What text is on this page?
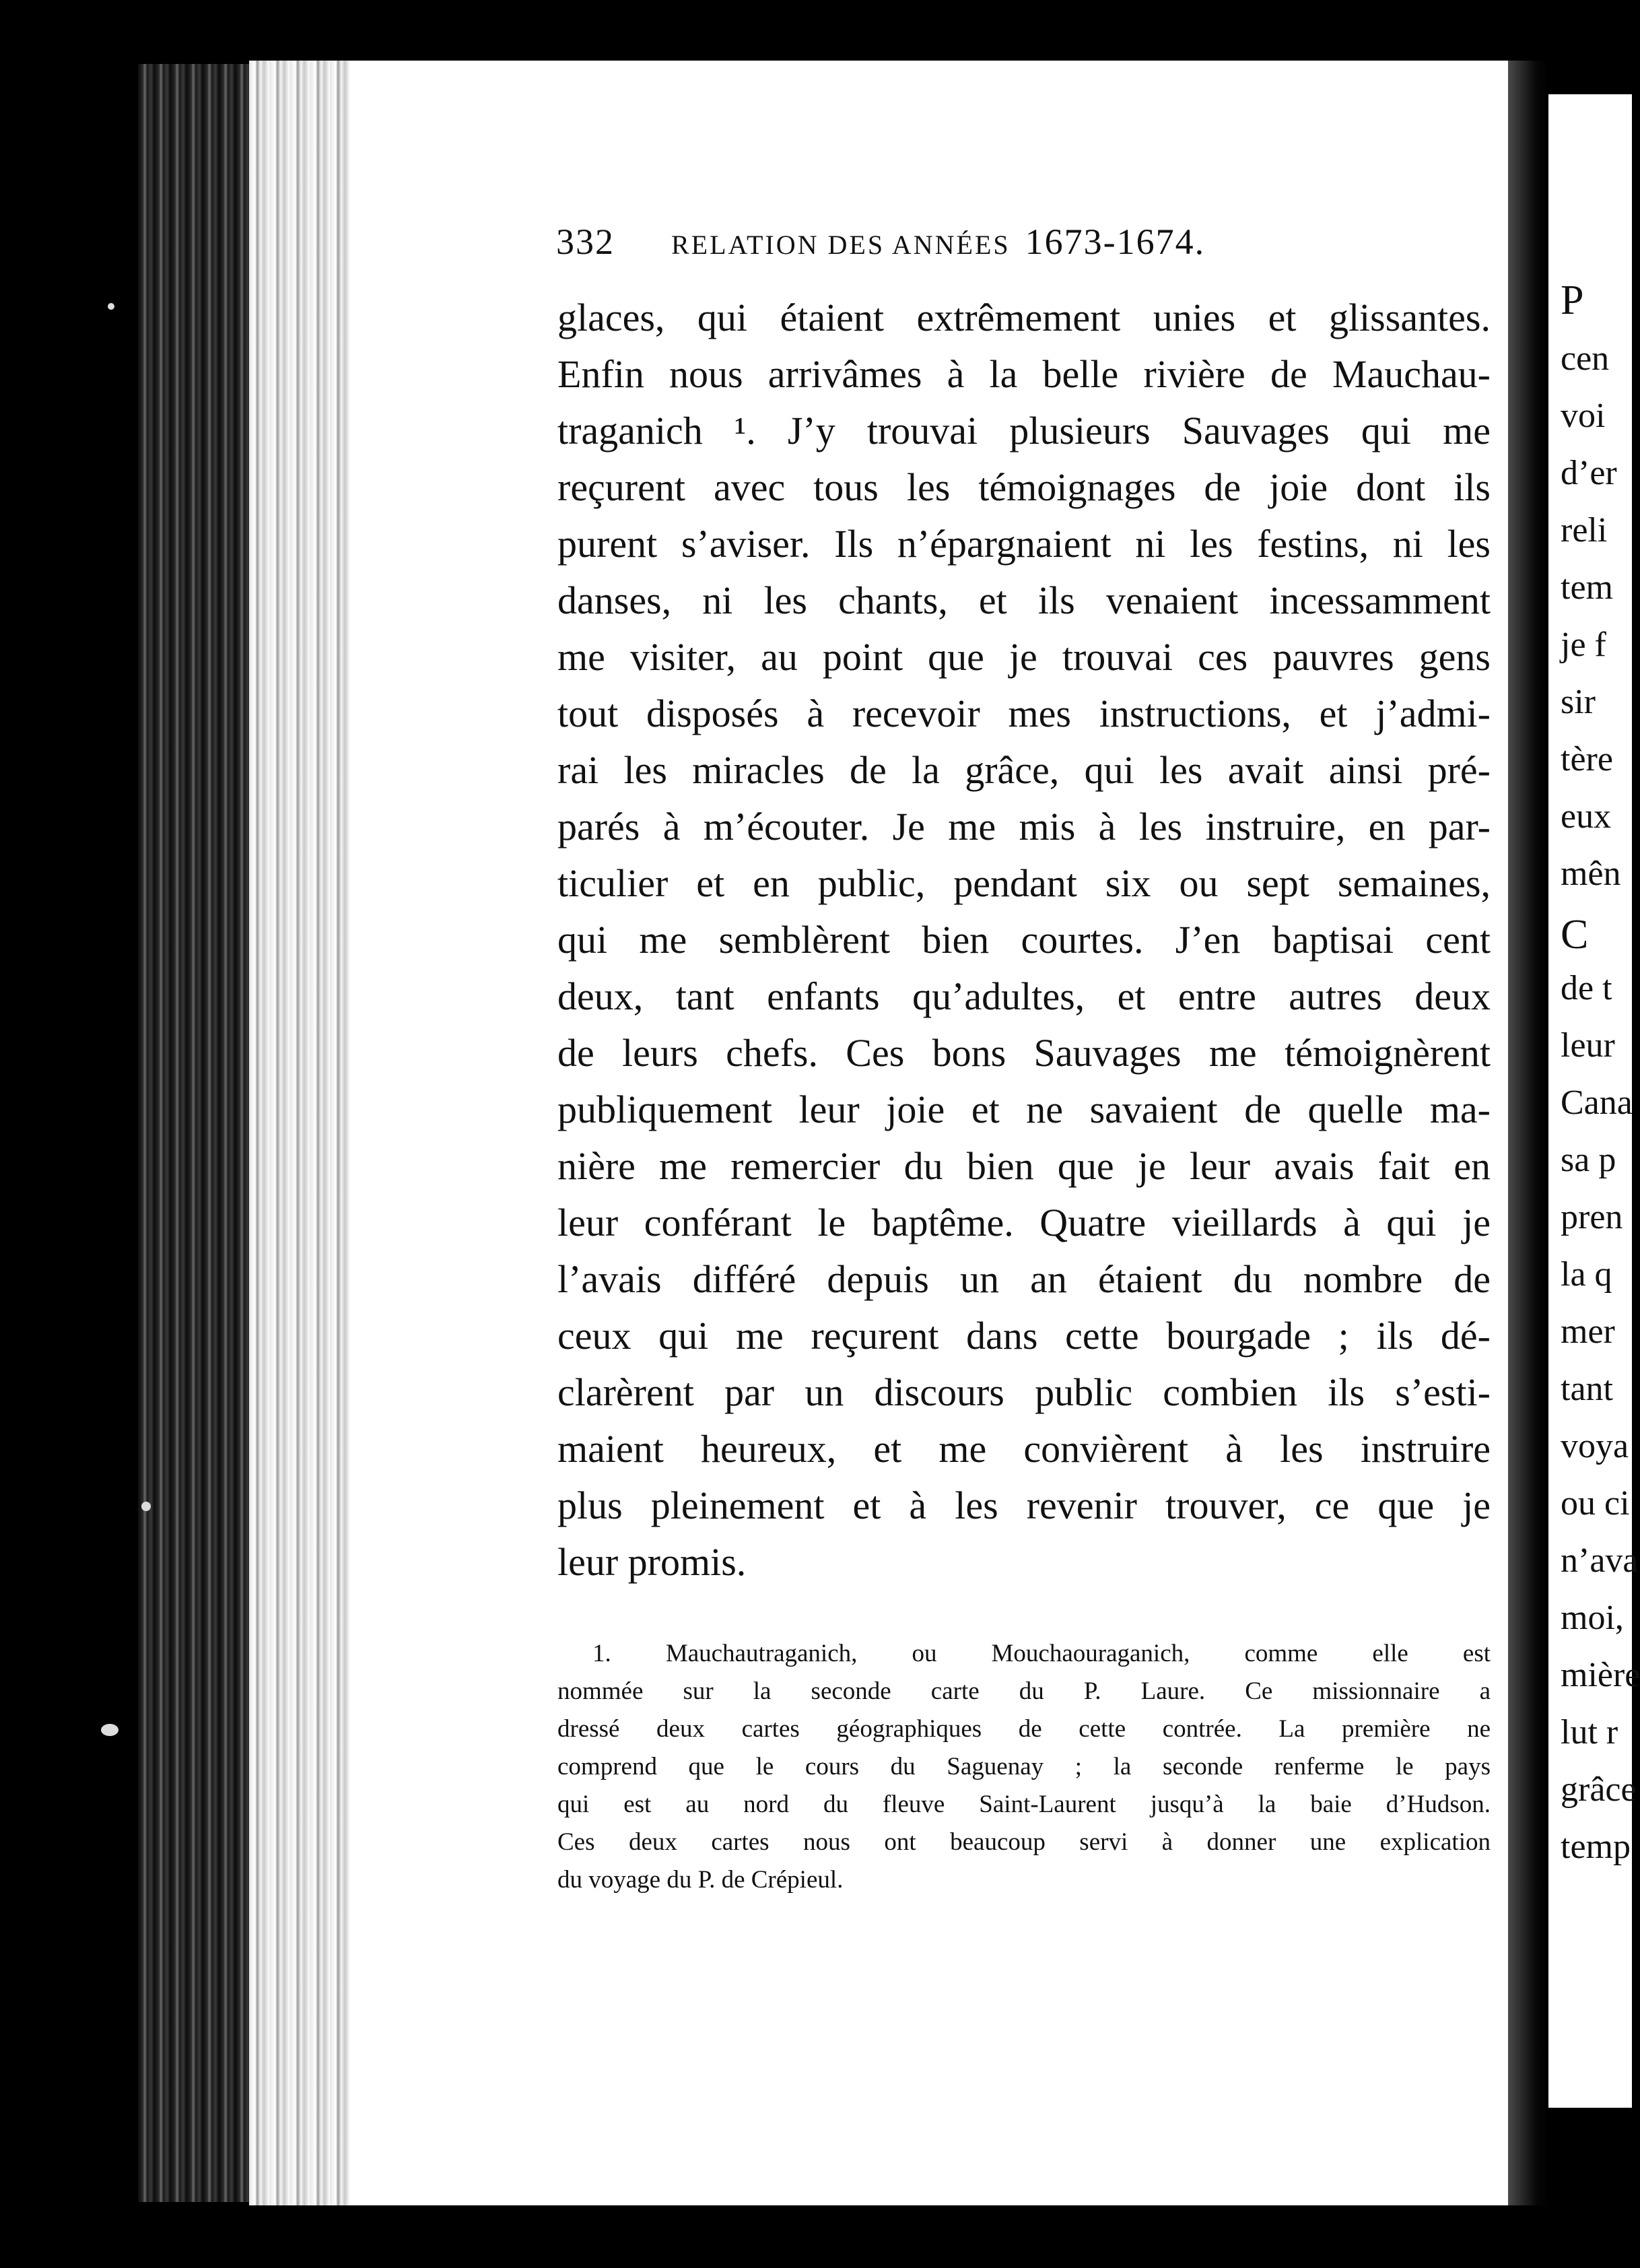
P
cen
voi
d’er
reli
tem
je f
sir
tère
eux
mên
C
de t
leur
Cana
sa p
pren
la q
mer
tant
voya
ou ci
n’ava
moi,
mière
lut r
grâce
temp
332 RELATION DES ANNÉES 1673-1674.
glaces, qui étaient extrêmement unies et glissantes.
Enfin nous arrivâmes à la belle rivière de Mauchau-
traganich ¹. J’y trouvai plusieurs Sauvages qui me
reçurent avec tous les témoignages de joie dont ils
purent s’aviser. Ils n’épargnaient ni les festins, ni les
danses, ni les chants, et ils venaient incessamment
me visiter, au point que je trouvai ces pauvres gens
tout disposés à recevoir mes instructions, et j’admi-
rai les miracles de la grâce, qui les avait ainsi pré-
parés à m’écouter. Je me mis à les instruire, en par-
ticulier et en public, pendant six ou sept semaines,
qui me semblèrent bien courtes. J’en baptisai cent
deux, tant enfants qu’adultes, et entre autres deux
de leurs chefs. Ces bons Sauvages me témoignèrent
publiquement leur joie et ne savaient de quelle ma-
nière me remercier du bien que je leur avais fait en
leur conférant le baptême. Quatre vieillards à qui je
l’avais différé depuis un an étaient du nombre de
ceux qui me reçurent dans cette bourgade ; ils dé-
clarèrent par un discours public combien ils s’esti-
maient heureux, et me convièrent à les instruire
plus pleinement et à les revenir trouver, ce que je
leur promis.
1. Mauchautraganich, ou Mouchaouraganich, comme elle est
nommée sur la seconde carte du P. Laure. Ce missionnaire a
dressé deux cartes géographiques de cette contrée. La première ne
comprend que le cours du Saguenay ; la seconde renferme le pays
qui est au nord du fleuve Saint-Laurent jusqu’à la baie d’Hudson.
Ces deux cartes nous ont beaucoup servi à donner une explication
du voyage du P. de Crépieul.
